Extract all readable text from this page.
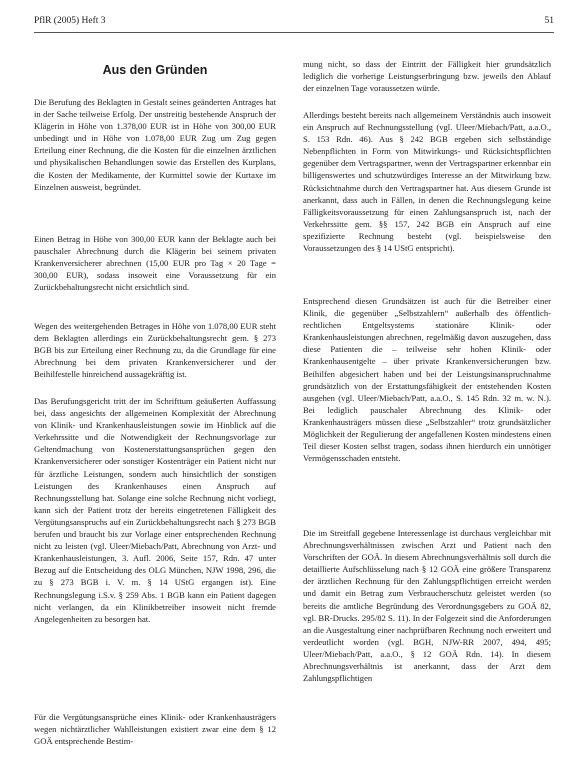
PflR (2005) Heft 3	51
Aus den Gründen

Die Berufung des Beklagten in Gestalt seines geänderten Antrages hat in der Sache teilweise Erfolg. Der unstreitig bestehende Anspruch der Klägerin in Höhe von 1.378,00 EUR ist in Höhe von 300,00 EUR unbedingt und in Höhe von 1.078,00 EUR Zug um Zug gegen Erteilung einer Rechnung, die die Kosten für die einzelnen ärztlichen und physikalischen Behandlungen sowie das Erstellen des Kurplans, die Kosten der Medikamente, der Kurmittel sowie der Kurtaxe im Einzelnen ausweist, begründet.

Einen Betrag in Höhe von 300,00 EUR kann der Beklagte auch bei pauschaler Abrechnung durch die Klägerin bei seinem privaten Krankenversicherer abrechnen (15,00 EUR pro Tag × 20 Tage = 300,00 EUR), sodass insoweit eine Voraussetzung für ein Zurückbehaltungsrecht nicht ersichtlich sind.

Wegen des weitergehenden Betrages in Höhe von 1.078,00 EUR steht dem Beklagten allerdings ein Zurückbehaltungsrecht gem. § 273 BGB bis zur Erteilung einer Rechnung zu, da die Grundlage für eine Abrechnung bei dem privaten Krankenversicherer und der Beihilfestelle hinreichend aussagekräftig ist.

Das Berufungsgericht tritt der im Schrifttum geäußerten Auffassung bei, dass angesichts der allgemeinen Komplexität der Abrechnung von Klinik- und Krankenhausleistungen sowie im Hinblick auf die Verkehrssitte und die Notwendigkeit der Rechnungsvorlage zur Geltendmachung von Kostenerstattungsansprüchen gegen den Krankenversicherer oder sonstiger Kostenträger ein Patient nicht nur für ärztliche Leistungen, sondern auch hinsichtlich der sonstigen Leistungen des Krankenhauses einen Anspruch auf Rechnungsstellung hat. Solange eine solche Rechnung nicht vorliegt, kann sich der Patient trotz der bereits eingetretenen Fälligkeit des Vergütungsanspruchs auf ein Zurückbehaltungsrecht nach § 273 BGB berufen und braucht bis zur Vorlage einer entsprechenden Rechnung nicht zu leisten (vgl. Uleer/Miebach/Patt, Abrechnung von Arzt- und Krankenhausleistungen, 3. Aufl. 2006, Seite 157, Rdn. 47 unter Bezug auf die Entscheidung des OLG München, NJW 1998, 296, die zu § 273 BGB i. V. m. § 14 UStG ergangen ist). Eine Rechnungslegung i.S.v. § 259 Abs. 1 BGB kann ein Patient dagegen nicht verlangen, da ein Klinikbetreiber insoweit nicht fremde Angelegenheiten zu besorgen hat.

Für die Vergütungsansprüche eines Klinik- oder Krankenhausträgers wegen nichtärztlicher Wahlleistungen existiert zwar eine dem § 12 GOÄ entsprechende Bestim-

mung nicht, so dass der Eintritt der Fälligkeit hier grundsätzlich lediglich die vorherige Leistungserbringung bzw. jeweils den Ablauf der einzelnen Tage voraussetzen würde.

Allerdings besteht bereits nach allgemeinem Verständnis auch insoweit ein Anspruch auf Rechnungsstellung (vgl. Uleer/Miebach/Patt, a.a.O., S. 153 Rdn. 46). Aus § 242 BGB ergeben sich selbständige Nebenpflichten in Form von Mitwirkungs- und Rücksichtspflichten gegenüber dem Vertragspartner, wenn der Vertragspartner erkennbar ein billigenswertes und schutzwürdiges Interesse an der Mitwirkung bzw. Rücksichtnahme durch den Vertragspartner hat. Aus diesem Grunde ist anerkannt, dass auch in Fällen, in denen die Rechnungslegung keine Fälligkeitsvoraussetzung für einen Zahlungsanspruch ist, nach der Verkehrssitte gem. §§ 157, 242 BGB ein Anspruch auf eine spezifizierte Rechnung besteht (vgl. beispielsweise den Voraussetzungen des § 14 UStG entspricht).

Entsprechend diesen Grundsätzen ist auch für die Betreiber einer Klinik, die gegenüber „Selbstzahlern“ außerhalb des öffentlich-rechtlichen Entgeltsystems stationäre Klinik- oder Krankenhausleistungen abrechnen, regelmäßig davon auszugehen, dass diese Patienten die – teilweise sehr hohen Klinik- oder Krankenhausentgelte – über private Krankenversicherungen bzw. Beihilfen abgesichert haben und bei der Leistungsinanspruchnahme grundsätzlich von der Erstattungsfähigkeit der entstehenden Kosten ausgehen (vgl. Uleer/Miebach/Patt, a.a.O., S. 145 Rdn. 32 m. w. N.). Bei lediglich pauschaler Abrechnung des Klinik- oder Krankenhausträgers müssen diese „Selbstzahler“ trotz grundsätzlicher Möglichkeit der Regulierung der angefallenen Kosten mindestens einen Teil dieser Kosten selbst tragen, sodass ihnen hierdurch ein unnötiger Vermögensschaden entsteht.

Die im Streitfall gegebene Interessenlage ist durchaus vergleichbar mit Abrechnungsverhältnissen zwischen Arzt und Patient nach den Vorschriften der GOÄ. In diesem Abrechnungsverhältnis soll durch die detaillierte Aufschlüsselung nach § 12 GOÄ eine größere Transparenz der ärztlichen Rechnung für den Zahlungspflichtigen erreicht werden und damit ein Betrag zum Verbraucherschutz geleistet werden (so bereits die amtliche Begründung des Verordnungsgebers zu GOÄ 82, vgl. BR-Drucks. 295/82 S. 11). In der Folgezeit sind die Anforderungen an die Ausgestaltung einer nachprüfbaren Rechnung noch erweitert und verdeutlicht worden (vgl. BGH, NJW-RR 2007, 494, 495; Uleer/Miebach/Patt, a.a.O., § 12 GOÄ Rdn. 14). In diesem Abrechnungsverhältnis ist anerkannt, dass der Arzt dem Zahlungspflichtigen
